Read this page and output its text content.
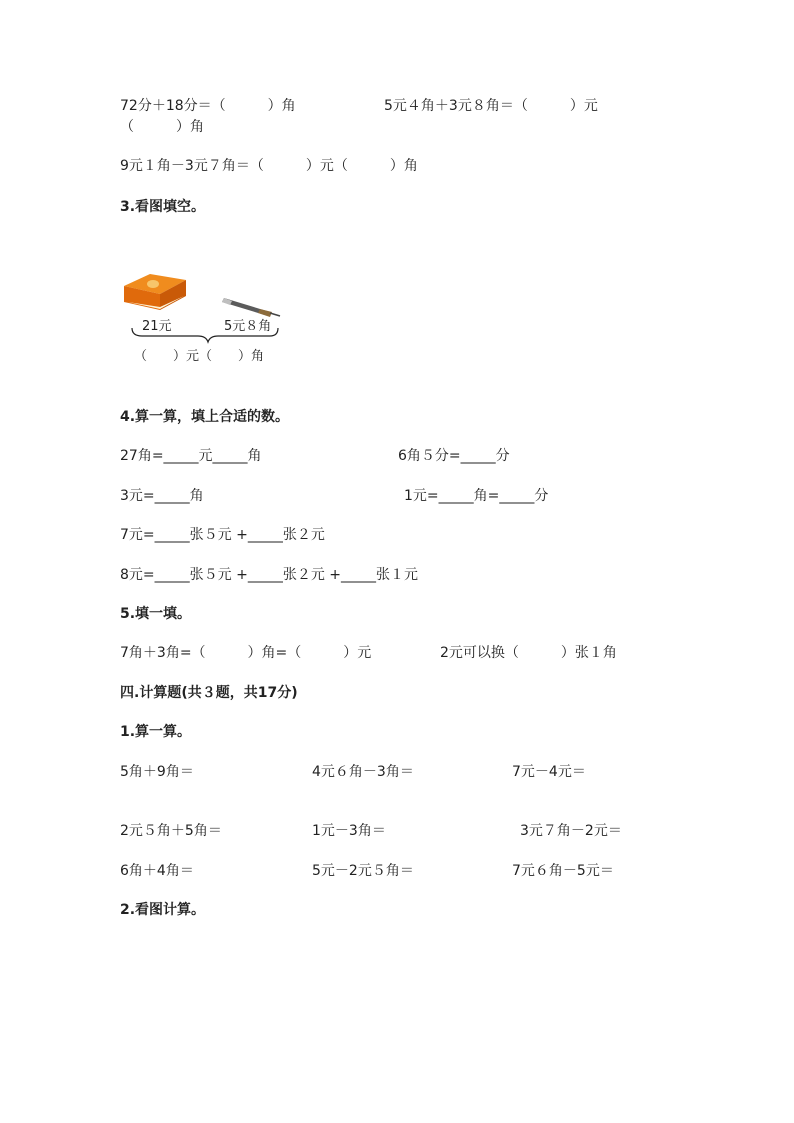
72分＋18分＝（　　　）角	5元４角＋3元８角＝（　　　）元
（　　　）角
9元１角－3元７角＝（　　　）元（　　　）角
3.看图填空。
21元	5元８角
（　　）元（　　）角
4.算一算，填上合适的数。
27角=_____元_____角	6角５分=_____分
3元=_____角	1元=_____角=_____分
7元=_____张５元 +_____张２元
8元=_____张５元 +_____张２元 +_____张１元
5.填一填。
7角＋3角=（　　　）角=（　　　）元	2元可以换（　　　）张１角
四.计算题(共３题，共17分)
1.算一算。
5角＋9角＝	4元６角－3角＝	7元－4元＝
2元５角＋5角＝	1元－3角＝	3元７角－2元＝
6角＋4角＝	5元－2元５角＝	7元６角－5元＝
2.看图计算。
